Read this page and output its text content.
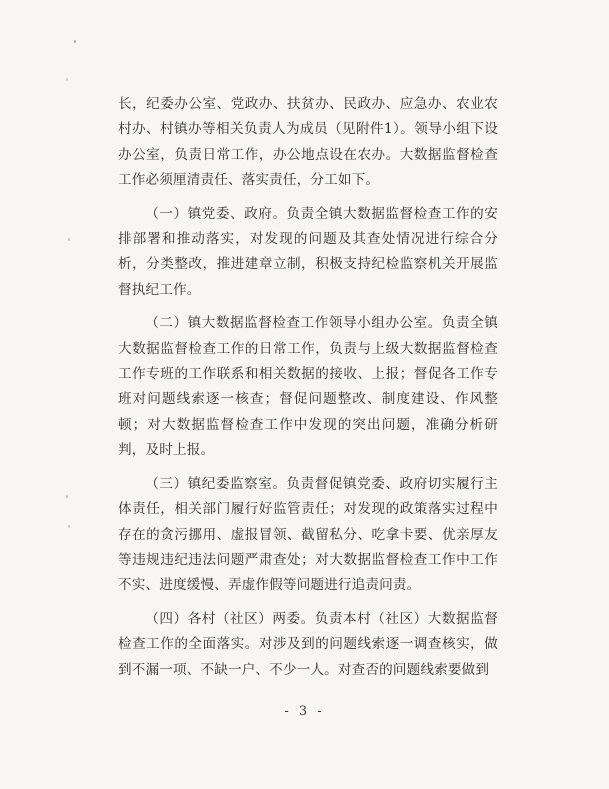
长，纪委办公室、党政办、扶贫办、民政办、应急办、农业农村办、村镇办等相关负责人为成员（见附件1）。领导小组下设办公室，负责日常工作，办公地点设在农办。大数据监督检查工作必须厘清责任、落实责任，分工如下。

（一）镇党委、政府。负责全镇大数据监督检查工作的安排部署和推动落实，对发现的问题及其查处情况进行综合分析，分类整改，推进建章立制，积极支持纪检监察机关开展监督执纪工作。

（二）镇大数据监督检查工作领导小组办公室。负责全镇大数据监督检查工作的日常工作，负责与上级大数据监督检查工作专班的工作联系和相关数据的接收、上报；督促各工作专班对问题线索逐一核查；督促问题整改、制度建设、作风整顿；对大数据监督检查工作中发现的突出问题，准确分析研判，及时上报。

（三）镇纪委监察室。负责督促镇党委、政府切实履行主体责任，相关部门履行好监管责任；对发现的政策落实过程中存在的贪污挪用、虚报冒领、截留私分、吃拿卡要、优亲厚友等违规违纪违法问题严肃查处；对大数据监督检查工作中工作不实、进度缓慢、弄虚作假等问题进行追责问责。

（四）各村（社区）两委。负责本村（社区）大数据监督检查工作的全面落实。对涉及到的问题线索逐一调查核实，做到不漏一项、不缺一户、不少一人。对查否的问题线索要做到

- 3 -
